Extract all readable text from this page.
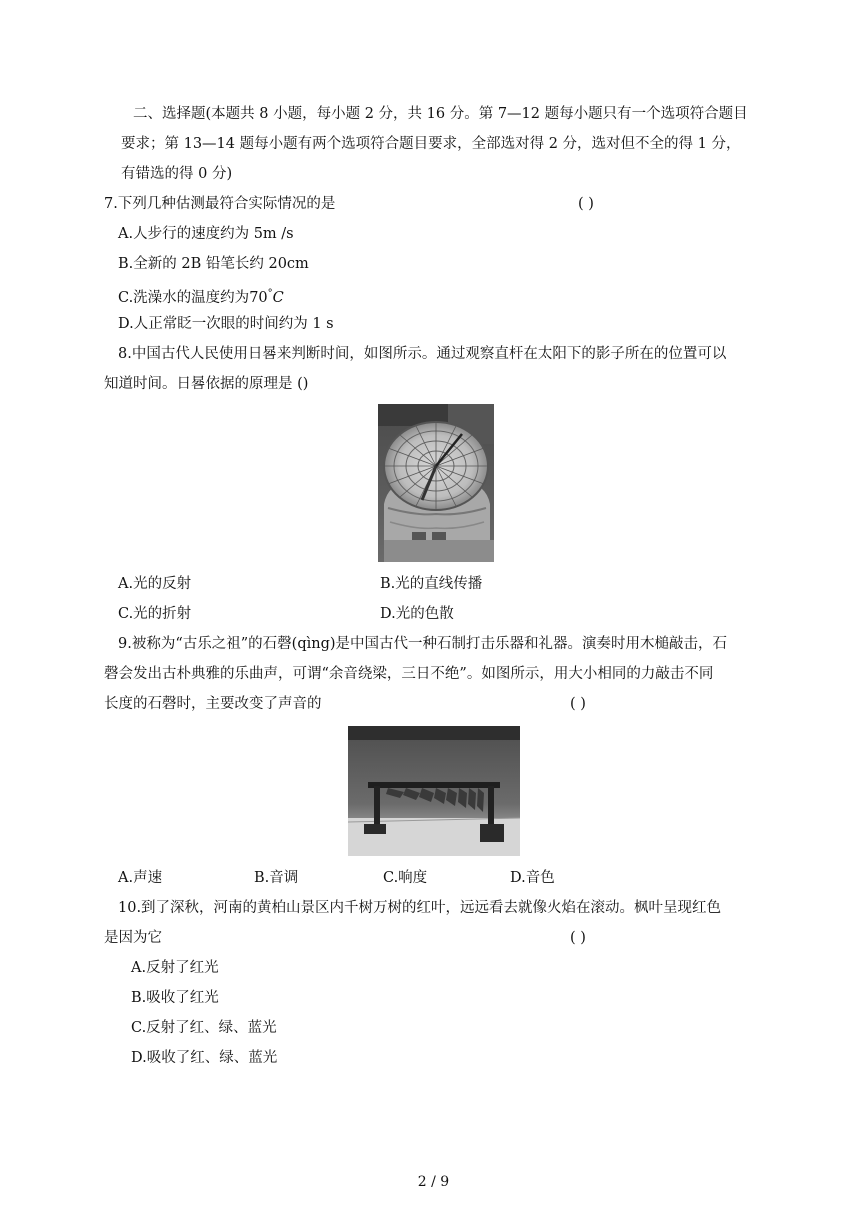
二、选择题(本题共 8 小题，每小题 2 分，共 16 分。第 7—12 题每小题只有一个选项符合题目
要求；第 13—14 题每小题有两个选项符合题目要求，全部选对得 2 分，选对但不全的得 1 分，
有错选的得 0 分)
7.下列几种估测最符合实际情况的是	( )
A.人步行的速度约为 5m /s
B.全新的 2B 铅笔长约 20cm
C.洗澡水的温度约为70°C
D.人正常眨一次眼的时间约为 1 s
8.中国古代人民使用日晷来判断时间，如图所示。通过观察直杆在太阳下的影子所在的位置可以
知道时间。日晷依据的原理是 ()
A.光的反射	B.光的直线传播
C.光的折射	D.光的色散
9.被称为“古乐之祖”的石磬(qìng)是中国古代一种石制打击乐器和礼器。演奏时用木槌敲击，石
磬会发出古朴典雅的乐曲声，可谓“余音绕梁，三日不绝”。如图所示，用大小相同的力敲击不同
长度的石磬时，主要改变了声音的	( )
A.声速	B.音调	C.响度	D.音色
10.到了深秋，河南的黄柏山景区内千树万树的红叶，远远看去就像火焰在滚动。枫叶呈现红色
是因为它	( )
A.反射了红光
B.吸收了红光
C.反射了红、绿、蓝光
D.吸收了红、绿、蓝光
2 / 9
